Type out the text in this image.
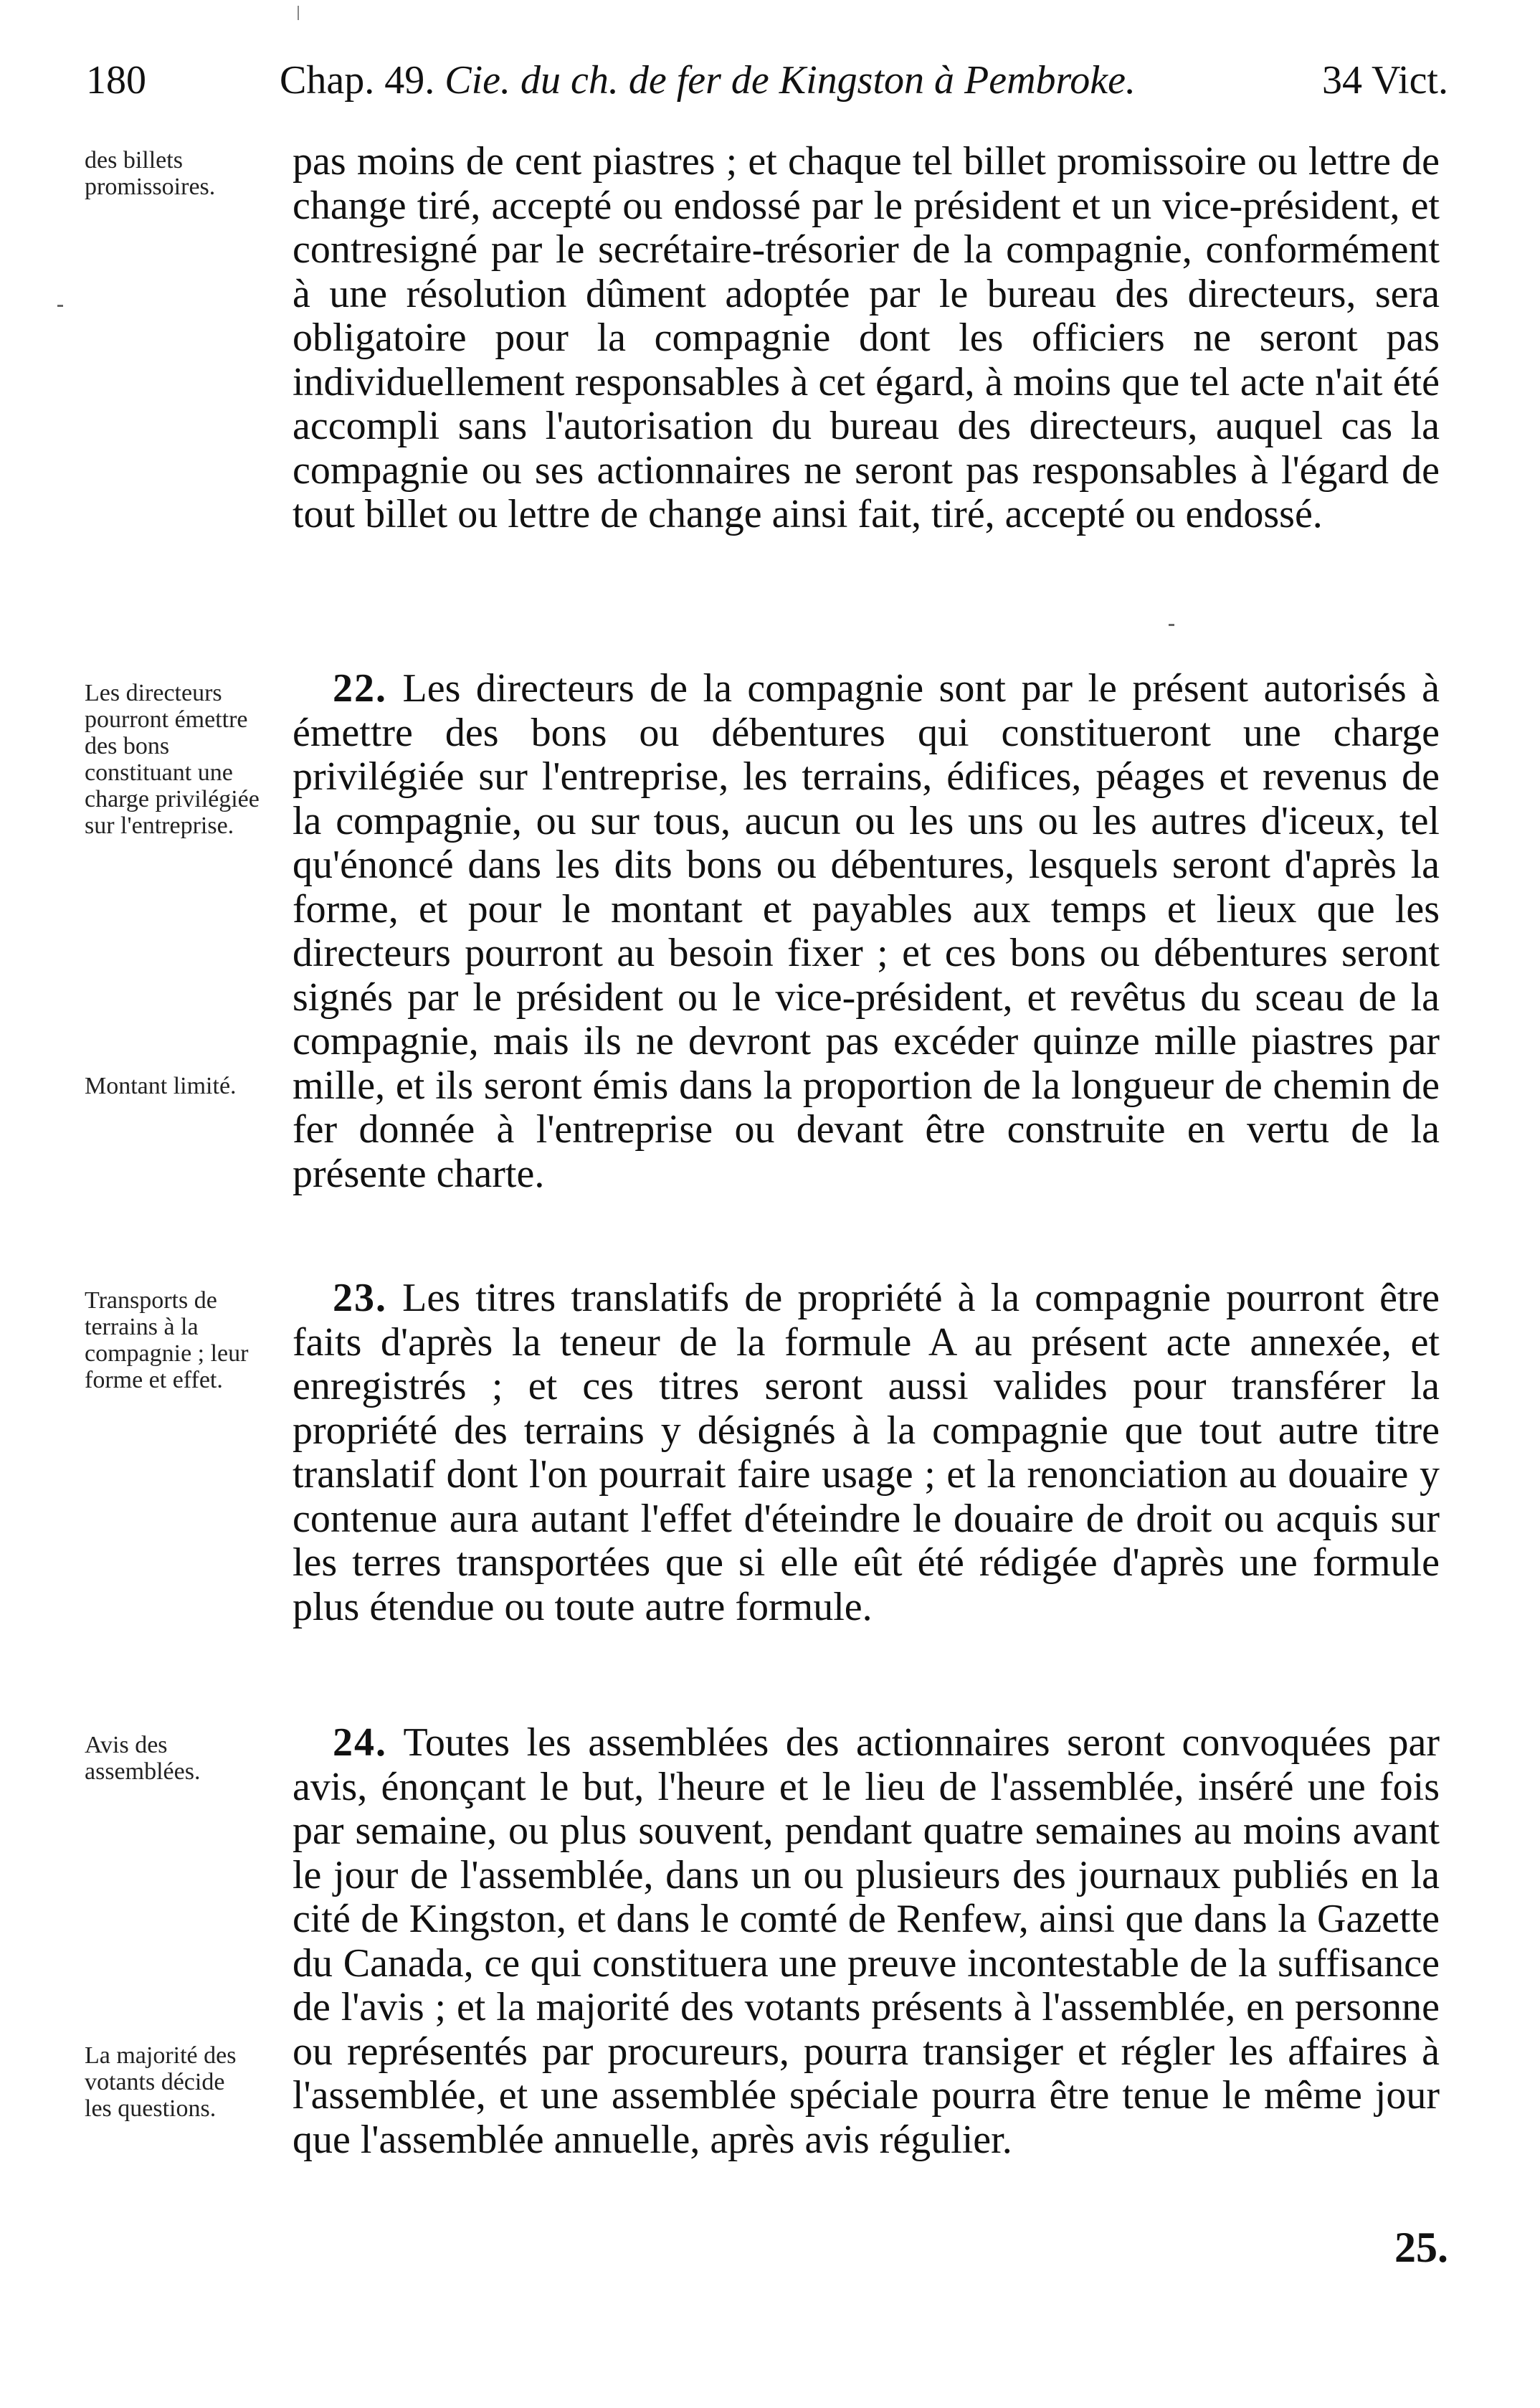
180	Chap. 49. Cie. du ch. de fer de Kingston à Pembroke.	34 Vict.
des billets promissoires.
Les directeurs pourront émettre des bons constituant une charge privilégiée sur l'entreprise.
Montant limité.
Transports de terrains à la compagnie ; leur forme et effet.
Avis des assemblées.
La majorité des votants décide les questions.
pas moins de cent piastres ; et chaque tel billet promissoire ou lettre de change tiré, accepté ou endossé par le président et un vice-président, et contresigné par le secrétaire-trésorier de la compagnie, conformément à une résolution dûment adoptée par le bureau des directeurs, sera obligatoire pour la compagnie dont les officiers ne seront pas individuellement responsables à cet égard, à moins que tel acte n'ait été accompli sans l'autorisation du bureau des directeurs, auquel cas la compagnie ou ses actionnaires ne seront pas responsables à l'égard de tout billet ou lettre de change ainsi fait, tiré, accepté ou endossé.
22. Les directeurs de la compagnie sont par le présent autorisés à émettre des bons ou débentures qui constitueront une charge privilégiée sur l'entreprise, les terrains, édifices, péages et revenus de la compagnie, ou sur tous, aucun ou les uns ou les autres d'iceux, tel qu'énoncé dans les dits bons ou débentures, lesquels seront d'après la forme, et pour le montant et payables aux temps et lieux que les directeurs pourront au besoin fixer ; et ces bons ou débentures seront signés par le président ou le vice-président, et revêtus du sceau de la compagnie, mais ils ne devront pas excéder quinze mille piastres par mille, et ils seront émis dans la proportion de la longueur de chemin de fer donnée à l'entreprise ou devant être construite en vertu de la présente charte.
23. Les titres translatifs de propriété à la compagnie pourront être faits d'après la teneur de la formule A au présent acte annexée, et enregistrés ; et ces titres seront aussi valides pour transférer la propriété des terrains y désignés à la compagnie que tout autre titre translatif dont l'on pourrait faire usage ; et la renonciation au douaire y contenue aura autant l'effet d'éteindre le douaire de droit ou acquis sur les terres transportées que si elle eût été rédigée d'après une formule plus étendue ou toute autre formule.
24. Toutes les assemblées des actionnaires seront convoquées par avis, énonçant le but, l'heure et le lieu de l'assemblée, inséré une fois par semaine, ou plus souvent, pendant quatre semaines au moins avant le jour de l'assemblée, dans un ou plusieurs des journaux publiés en la cité de Kingston, et dans le comté de Renfew, ainsi que dans la Gazette du Canada, ce qui constituera une preuve incontestable de la suffisance de l'avis ; et la majorité des votants présents à l'assemblée, en personne ou représentés par procureurs, pourra transiger et régler les affaires à l'assemblée, et une assemblée spéciale pourra être tenue le même jour que l'assemblée annuelle, après avis régulier.
25.
